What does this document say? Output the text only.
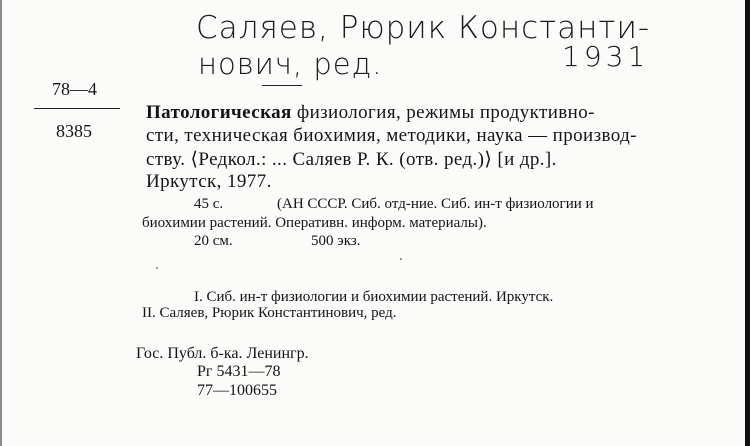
Саляев, Рюрик Константи-
нович, ред.	1931
78—4
8385
Патологическая физиология, режимы продуктивно-
сти, техническая биохимия, методики, наука — производ-
ству. ⟨Редкол.: ... Саляев Р. К. (отв. ред.)⟩ [и др.].
Иркутск, 1977.
45 с.	(АН СССР. Сиб. отд-ние. Сиб. ин-т физиологии и
биохимии растений. Оперативн. информ. материалы).
20 см.	500 экз.
I. Сиб. ин-т физиологии и биохимии растений. Иркутск.
II. Саляев, Рюрик Константинович, ред.
Гос. Публ. б-ка. Ленингр.
Рг 5431—78
77—100655
